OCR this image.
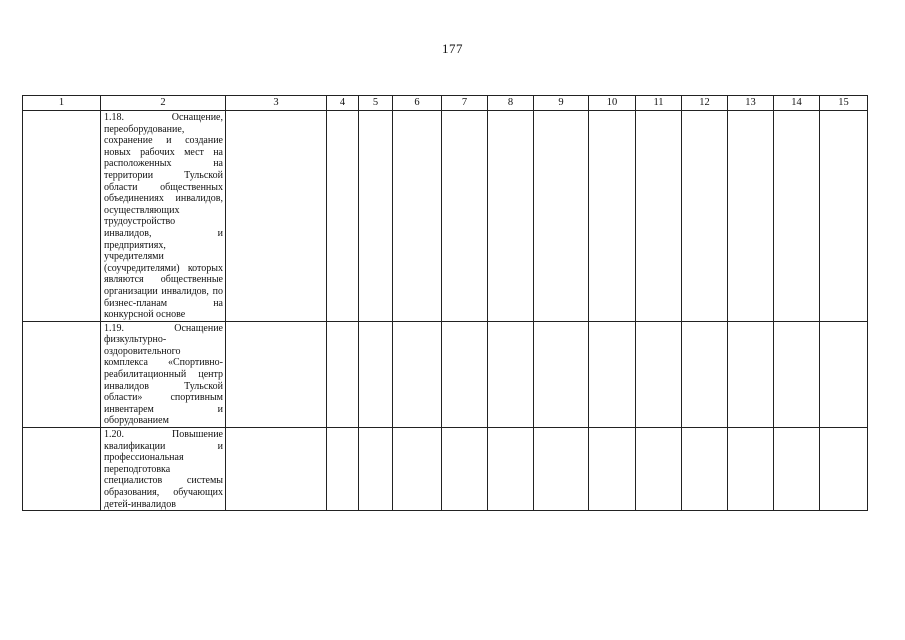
177
1	2	3	4	5	6	7	8	9	10	11	12	13	14	15
	1.18. Оснащение, переоборудование, сохранение и создание новых рабочих мест на расположенных на территории Тульской области общественных объединениях инвалидов, осуществляющих трудоустройство инвалидов, и предприятиях, учредителями (соучредителями) которых являются общественные организации инвалидов, по бизнес-планам на конкурсной основе													
	1.19. Оснащение физкультурно-оздоровительного комплекса «Спортивно-реабилитационный центр инвалидов Тульской области» спортивным инвентарем и оборудованием													
	1.20. Повышение квалификации и профессиональная переподготовка специалистов системы образования, обучающих детей-инвалидов													
